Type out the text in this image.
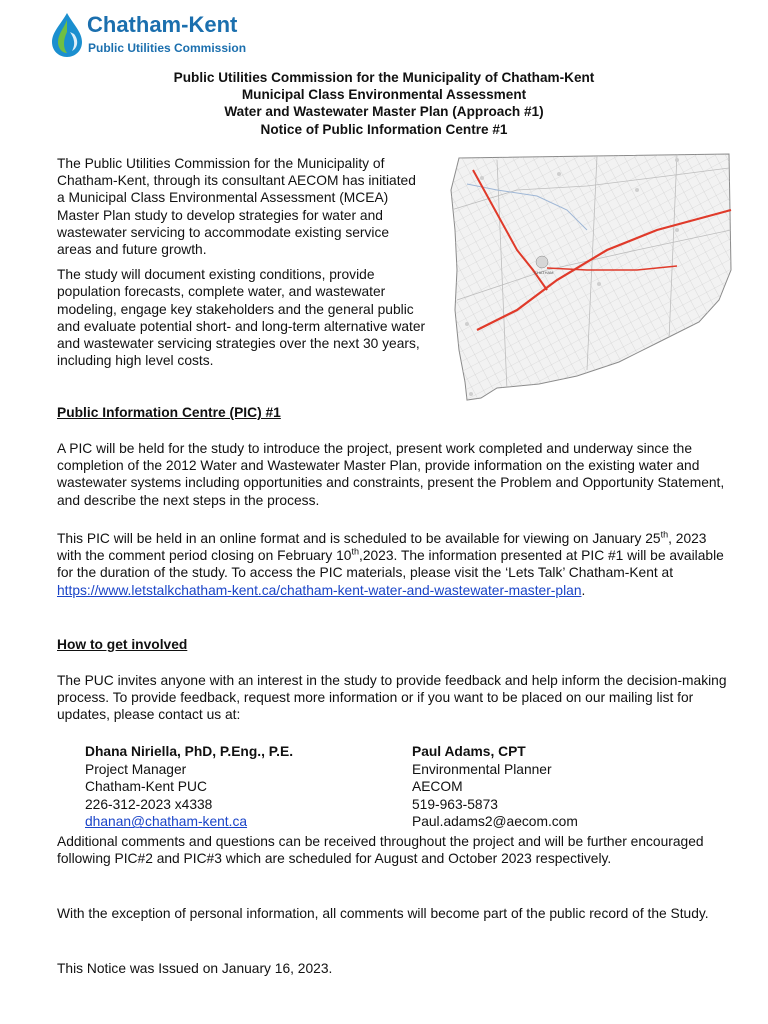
Chatham-Kent
Public Utilities Commission
Public Utilities Commission for the Municipality of Chatham-Kent
Municipal Class Environmental Assessment
Water and Wastewater Master Plan (Approach #1)
Notice of Public Information Centre #1

The Public Utilities Commission for the Municipality of Chatham-Kent, through its consultant AECOM has initiated a Municipal Class Environmental Assessment (MCEA) Master Plan study to develop strategies for water and wastewater servicing to accommodate existing service areas and future growth.

The study will document existing conditions, provide population forecasts, complete water, and wastewater modeling, engage key stakeholders and the general public and evaluate potential short- and long-term alternative water and wastewater servicing strategies over the next 30 years, including high level costs.

CHATHAM
Public Information Centre (PIC) #1
A PIC will be held for the study to introduce the project, present work completed and underway since the completion of the 2012 Water and Wastewater Master Plan, provide information on the existing water and wastewater systems including opportunities and constraints, present the Problem and Opportunity Statement, and describe the next steps in the process.
This PIC will be held in an online format and is scheduled to be available for viewing on January 25th, 2023 with the comment period closing on February 10th,2023. The information presented at PIC #1 will be available for the duration of the study. To access the PIC materials, please visit the ‘Lets Talk’ Chatham-Kent at https://www.letstalkchatham-kent.ca/chatham-kent-water-and-wastewater-master-plan.
How to get involved
The PUC invites anyone with an interest in the study to provide feedback and help inform the decision-making process. To provide feedback, request more information or if you want to be placed on our mailing list for updates, please contact us at:
Dhana Niriella, PhD, P.Eng., P.E.
Project Manager
Chatham-Kent PUC
226-312-2023 x4338
dhanan@chatham-kent.ca
Paul Adams, CPT
Environmental Planner
AECOM
519-963-5873
Paul.adams2@aecom.com
Additional comments and questions can be received throughout the project and will be further encouraged following PIC#2 and PIC#3 which are scheduled for August and October 2023 respectively.
With the exception of personal information, all comments will become part of the public record of the Study.
This Notice was Issued on January 16, 2023.
